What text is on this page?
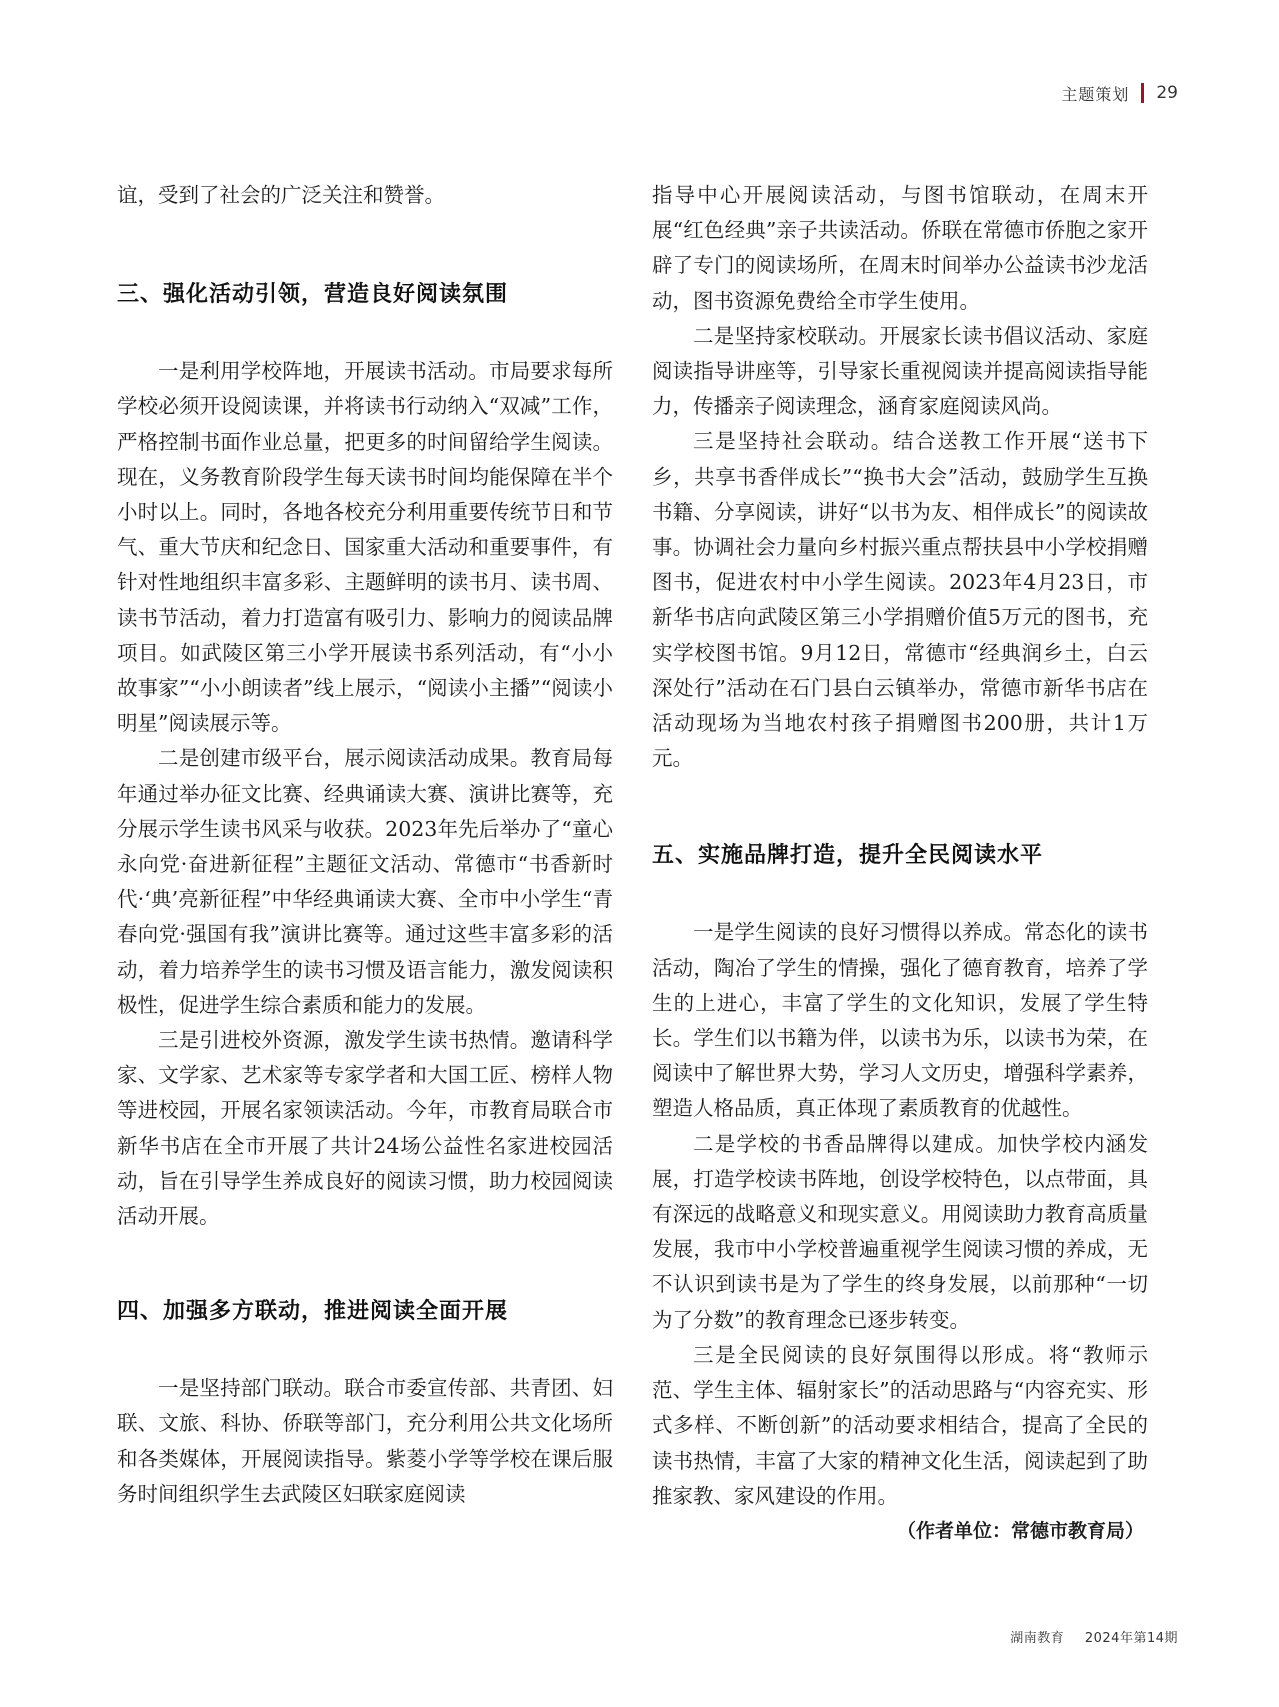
主题策划 29

谊，受到了社会的广泛关注和赞誉。

三、强化活动引领，营造良好阅读氛围

一是利用学校阵地，开展读书活动。市局要求每所学校必须开设阅读课，并将读书行动纳入“双减”工作，严格控制书面作业总量，把更多的时间留给学生阅读。现在，义务教育阶段学生每天读书时间均能保障在半个小时以上。同时，各地各校充分利用重要传统节日和节气、重大节庆和纪念日、国家重大活动和重要事件，有针对性地组织丰富多彩、主题鲜明的读书月、读书周、读书节活动，着力打造富有吸引力、影响力的阅读品牌项目。如武陵区第三小学开展读书系列活动，有“小小故事家”“小小朗读者”线上展示，“阅读小主播”“阅读小明星”阅读展示等。

二是创建市级平台，展示阅读活动成果。教育局每年通过举办征文比赛、经典诵读大赛、演讲比赛等，充分展示学生读书风采与收获。2023年先后举办了“童心永向党·奋进新征程”主题征文活动、常德市“书香新时代·‘典’亮新征程”中华经典诵读大赛、全市中小学生“青春向党·强国有我”演讲比赛等。通过这些丰富多彩的活动，着力培养学生的读书习惯及语言能力，激发阅读积极性，促进学生综合素质和能力的发展。

三是引进校外资源，激发学生读书热情。邀请科学家、文学家、艺术家等专家学者和大国工匠、榜样人物等进校园，开展名家领读活动。今年，市教育局联合市新华书店在全市开展了共计24场公益性名家进校园活动，旨在引导学生养成良好的阅读习惯，助力校园阅读活动开展。

四、加强多方联动，推进阅读全面开展

一是坚持部门联动。联合市委宣传部、共青团、妇联、文旅、科协、侨联等部门，充分利用公共文化场所和各类媒体，开展阅读指导。紫菱小学等学校在课后服务时间组织学生去武陵区妇联家庭阅读

指导中心开展阅读活动，与图书馆联动，在周末开展“红色经典”亲子共读活动。侨联在常德市侨胞之家开辟了专门的阅读场所，在周末时间举办公益读书沙龙活动，图书资源免费给全市学生使用。

二是坚持家校联动。开展家长读书倡议活动、家庭阅读指导讲座等，引导家长重视阅读并提高阅读指导能力，传播亲子阅读理念，涵育家庭阅读风尚。

三是坚持社会联动。结合送教工作开展“送书下乡，共享书香伴成长”“换书大会”活动，鼓励学生互换书籍、分享阅读，讲好“以书为友、相伴成长”的阅读故事。协调社会力量向乡村振兴重点帮扶县中小学校捐赠图书，促进农村中小学生阅读。2023年4月23日，市新华书店向武陵区第三小学捐赠价值5万元的图书，充实学校图书馆。9月12日，常德市“经典润乡土，白云深处行”活动在石门县白云镇举办，常德市新华书店在活动现场为当地农村孩子捐赠图书200册，共计1万元。

五、实施品牌打造，提升全民阅读水平

一是学生阅读的良好习惯得以养成。常态化的读书活动，陶冶了学生的情操，强化了德育教育，培养了学生的上进心，丰富了学生的文化知识，发展了学生特长。学生们以书籍为伴，以读书为乐，以读书为荣，在阅读中了解世界大势，学习人文历史，增强科学素养，塑造人格品质，真正体现了素质教育的优越性。

二是学校的书香品牌得以建成。加快学校内涵发展，打造学校读书阵地，创设学校特色，以点带面，具有深远的战略意义和现实意义。用阅读助力教育高质量发展，我市中小学校普遍重视学生阅读习惯的养成，无不认识到读书是为了学生的终身发展，以前那种“一切为了分数”的教育理念已逐步转变。

三是全民阅读的良好氛围得以形成。将“教师示范、学生主体、辐射家长”的活动思路与“内容充实、形式多样、不断创新”的活动要求相结合，提高了全民的读书热情，丰富了大家的精神文化生活，阅读起到了助推家教、家风建设的作用。

（作者单位：常德市教育局）

湖南教育 2024年第14期
